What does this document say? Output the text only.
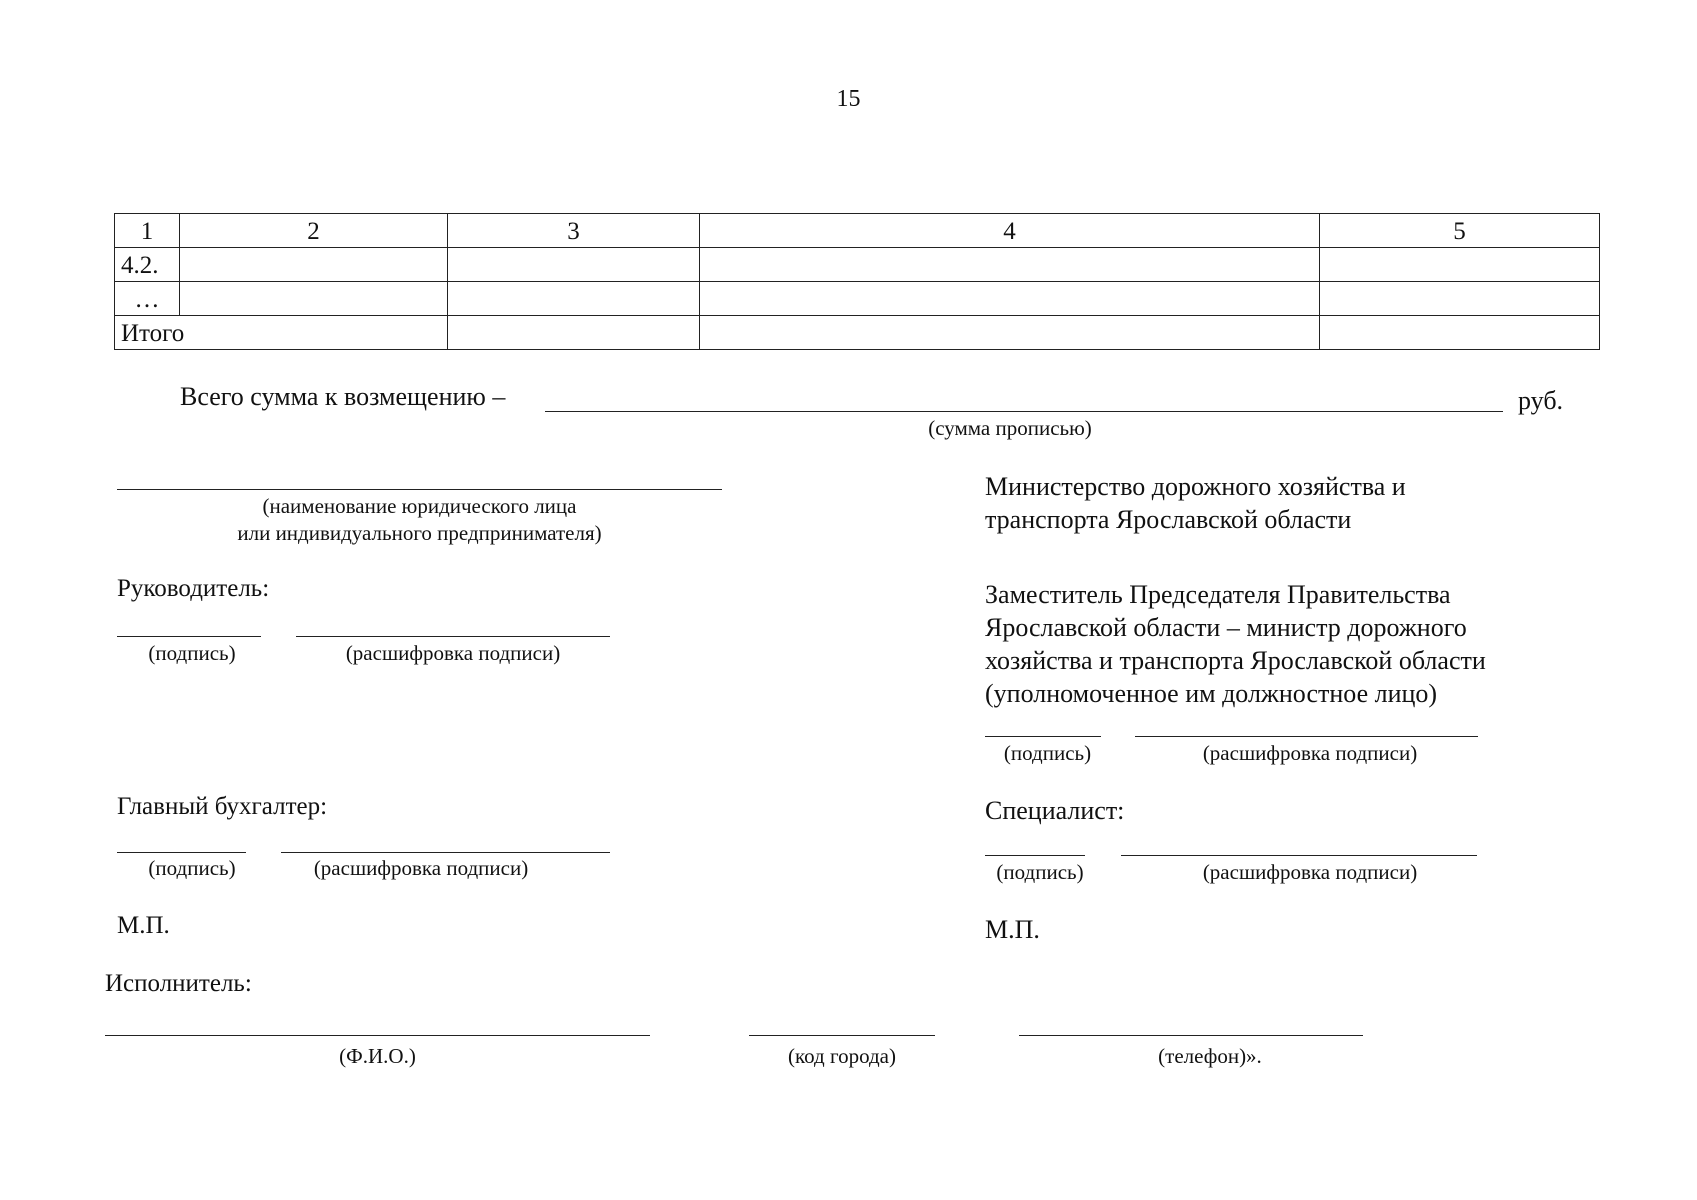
15
1	2	3	4	5
4.2.				
…				
Итого				
Всего сумма к возмещению –	руб.
(сумма прописью)
(наименование юридического лица
или индивидуального предпринимателя)
Руководитель:
(подпись)	(расшифровка подписи)
Главный бухгалтер:
(подпись)	(расшифровка подписи)
М.П.
Министерство дорожного хозяйства и
транспорта Ярославской области
Заместитель Председателя Правительства
Ярославской области – министр дорожного
хозяйства и транспорта Ярославской области
(уполномоченное им должностное лицо)
(подпись)	(расшифровка подписи)
Специалист:
(подпись)	(расшифровка подписи)
М.П.
Исполнитель:
(Ф.И.О.)	(код города)	(телефон)».
